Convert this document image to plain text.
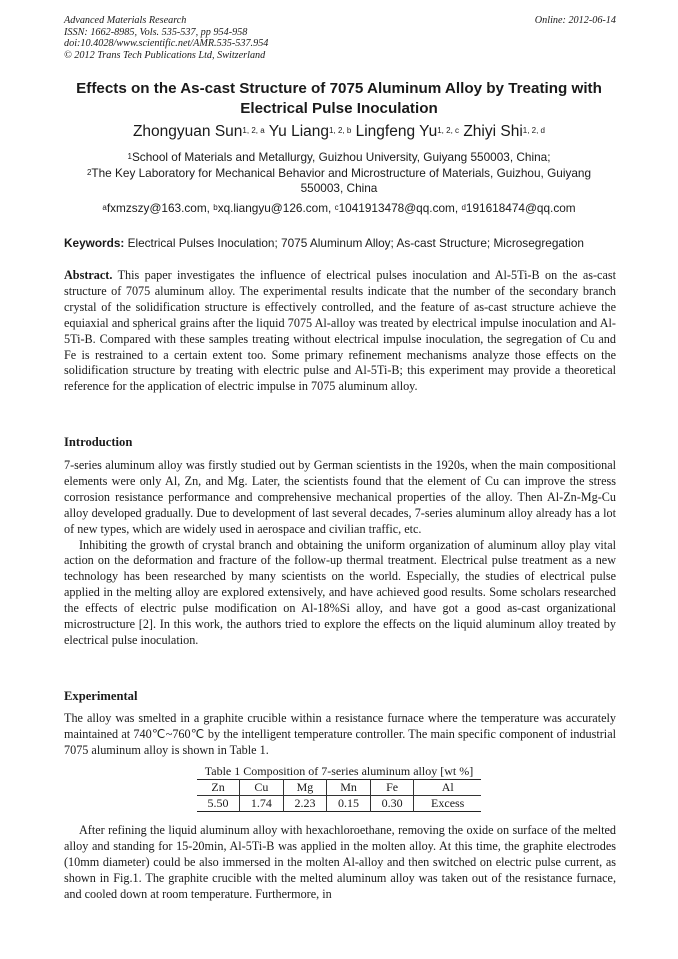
Advanced Materials Research
ISSN: 1662-8985, Vols. 535-537, pp 954-958
doi:10.4028/www.scientific.net/AMR.535-537.954
© 2012 Trans Tech Publications Ltd, Switzerland
Online: 2012-06-14
Effects on the As-cast Structure of 7075 Aluminum Alloy by Treating with
Electrical Pulse Inoculation
Zhongyuan Sun$^{1, 2, a}$ Yu Liang$^{1, 2, b}$ Lingfeng Yu$^{1, 2, c}$ Zhiyi Shi$^{1, 2, d}$
$^1$School of Materials and Metallurgy, Guizhou University, Guiyang 550003, China;
$^2$The Key Laboratory for Mechanical Behavior and Microstructure of Materials, Guizhou, Guiyang
550003, China
$^a$fxmzszy@163.com, $^b$xq.liangyu@126.com, $^c$1041913478@qq.com, $^d$191618474@qq.com
Keywords: Electrical Pulses Inoculation; 7075 Aluminum Alloy; As-cast Structure; Microsegregation

Abstract. This paper investigates the influence of electrical pulses inoculation and Al-5Ti-B on the as-cast structure of 7075 aluminum alloy. The experimental results indicate that the number of the secondary branch crystal of the solidification structure is effectively controlled, and the feature of as-cast structure achieve the equiaxial and spherical grains after the liquid 7075 Al-alloy was treated by electrical impulse inoculation and Al-5Ti-B. Compared with these samples treating without electrical impulse inoculation, the segregation of Cu and Fe is restrained to a certain extent too. Some primary refinement mechanisms analyze those effects on the solidification structure by treating with electric pulse and Al-5Ti-B; this experiment may provide a theoretical reference for the application of electric impulse in 7075 aluminum alloy.

Introduction

7-series aluminum alloy was firstly studied out by German scientists in the 1920s, when the main compositional elements were only Al, Zn, and Mg. Later, the scientists found that the element of Cu can improve the stress corrosion resistance performance and comprehensive mechanical properties of the alloy. Then Al-Zn-Mg-Cu alloy developed gradually. Due to development of last several decades, 7-series aluminum alloy already has a lot of new types, which are widely used in aerospace and civilian traffic, etc.

Inhibiting the growth of crystal branch and obtaining the uniform organization of aluminum alloy play vital action on the deformation and fracture of the follow-up thermal treatment. Electrical pulse treatment as a new technology has been researched by many scientists on the world. Especially, the studies of electrical pulse applied in the melting alloy are explored extensively, and have achieved good results. Some scholars researched the effects of electric pulse modification on Al-18%Si alloy, and have got a good as-cast organizational microstructure [2]. In this work, the authors tried to explore the effects on the liquid aluminum alloy treated by electrical pulse inoculation.

Experimental

The alloy was smelted in a graphite crucible within a resistance furnace where the temperature was accurately maintained at 740℃~760℃ by the intelligent temperature controller. The main specific component of industrial 7075 aluminum alloy is shown in Table 1.

Table 1 Composition of 7-series aluminum alloy [wt %]
Zn	Cu	Mg	Mn	Fe	Al
5.50	1.74	2.23	0.15	0.30	Excess

After refining the liquid aluminum alloy with hexachloroethane, removing the oxide on surface of the melted alloy and standing for 15-20min, Al-5Ti-B was applied in the molten alloy. At this time, the graphite electrodes (10mm diameter) could be also immersed in the molten Al-alloy and then switched on electric pulse current, as shown in Fig.1. The graphite crucible with the melted aluminum alloy was taken out of the resistance furnace, and cooled down at room temperature. Furthermore, in
